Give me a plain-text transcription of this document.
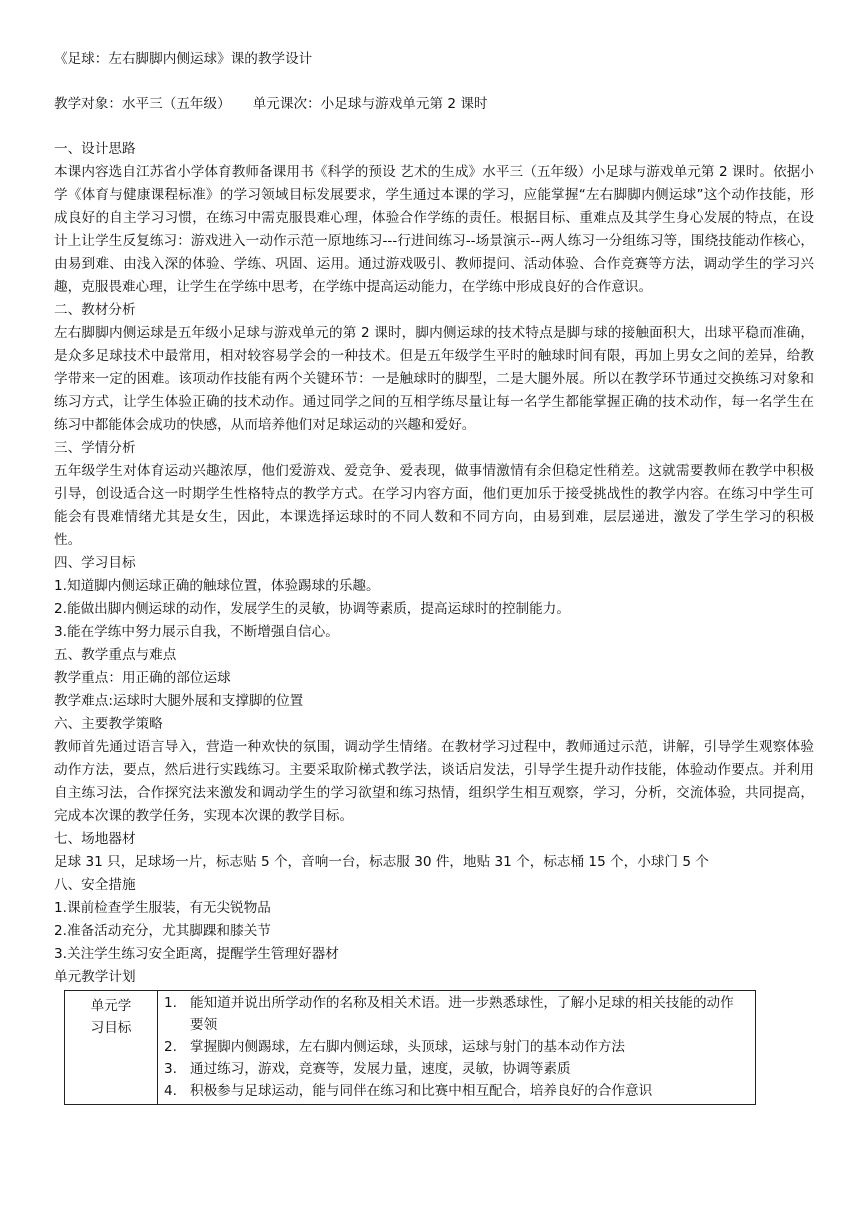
《足球：左右脚脚内侧运球》课的教学设计

教学对象：水平三（五年级） 单元课次：小足球与游戏单元第 2 课时

一、设计思路

本课内容选自江苏省小学体育教师备课用书《科学的预设 艺术的生成》水平三（五年级）小足球与游戏单元第 2 课时。依据小学《体育与健康课程标准》的学习领域目标发展要求，学生通过本课的学习，应能掌握“左右脚脚内侧运球”这个动作技能，形成良好的自主学习习惯，在练习中需克服畏难心理，体验合作学练的责任。根据目标、重难点及其学生身心发展的特点，在设计上让学生反复练习：游戏进入一动作示范一原地练习---行进间练习--场景演示--两人练习一分组练习等，围绕技能动作核心，由易到难、由浅入深的体验、学练、巩固、运用。通过游戏吸引、教师提问、活动体验、合作竞赛等方法，调动学生的学习兴趣，克服畏难心理，让学生在学练中思考，在学练中提高运动能力，在学练中形成良好的合作意识。

二、教材分析

左右脚脚内侧运球是五年级小足球与游戏单元的第 2 课时，脚内侧运球的技术特点是脚与球的接触面积大，出球平稳而准确，是众多足球技术中最常用，相对较容易学会的一种技术。但是五年级学生平时的触球时间有限，再加上男女之间的差异，给教学带来一定的困难。该项动作技能有两个关键环节：一是触球时的脚型，二是大腿外展。所以在教学环节通过交换练习对象和练习方式，让学生体验正确的技术动作。通过同学之间的互相学练尽量让每一名学生都能掌握正确的技术动作，每一名学生在练习中都能体会成功的快感，从而培养他们对足球运动的兴趣和爱好。

三、学情分析

五年级学生对体育运动兴趣浓厚，他们爱游戏、爱竞争、爱表现，做事情激情有余但稳定性稍差。这就需要教师在教学中积极引导，创设适合这一时期学生性格特点的教学方式。在学习内容方面，他们更加乐于接受挑战性的教学内容。在练习中学生可能会有畏难情绪尤其是女生，因此，本课选择运球时的不同人数和不同方向，由易到难，层层递进，激发了学生学习的积极性。

四、学习目标

1.知道脚内侧运球正确的触球位置，体验踢球的乐趣。

2.能做出脚内侧运球的动作，发展学生的灵敏，协调等素质，提高运球时的控制能力。

3.能在学练中努力展示自我，不断增强自信心。

五、教学重点与难点

教学重点：用正确的部位运球

教学难点:运球时大腿外展和支撑脚的位置

六、主要教学策略

教师首先通过语言导入，营造一种欢快的氛围，调动学生情绪。在教材学习过程中，教师通过示范，讲解，引导学生观察体验动作方法，要点，然后进行实践练习。主要采取阶梯式教学法，谈话启发法，引导学生提升动作技能，体验动作要点。并利用自主练习法，合作探究法来激发和调动学生的学习欲望和练习热情，组织学生相互观察，学习，分析，交流体验，共同提高，完成本次课的教学任务，实现本次课的教学目标。

七、场地器材

足球 31 只，足球场一片，标志贴 5 个，音响一台，标志服 30 件，地贴 31 个，标志桶 15 个，小球门 5 个

八、安全措施

1.课前检查学生服装，有无尖锐物品

2.准备活动充分，尤其脚踝和膝关节

3.关注学生练习安全距离，提醒学生管理好器材

单元教学计划

单元学
习目标	
1. 能知道并说出所学动作的名称及相关术语。进一步熟悉球性，了解小足球的相关技能的动作要领
2. 掌握脚内侧踢球，左右脚内侧运球，头顶球，运球与射门的基本动作方法
3. 通过练习，游戏，竞赛等，发展力量，速度，灵敏，协调等素质
4. 积极参与足球运动，能与同伴在练习和比赛中相互配合，培养良好的合作意识
